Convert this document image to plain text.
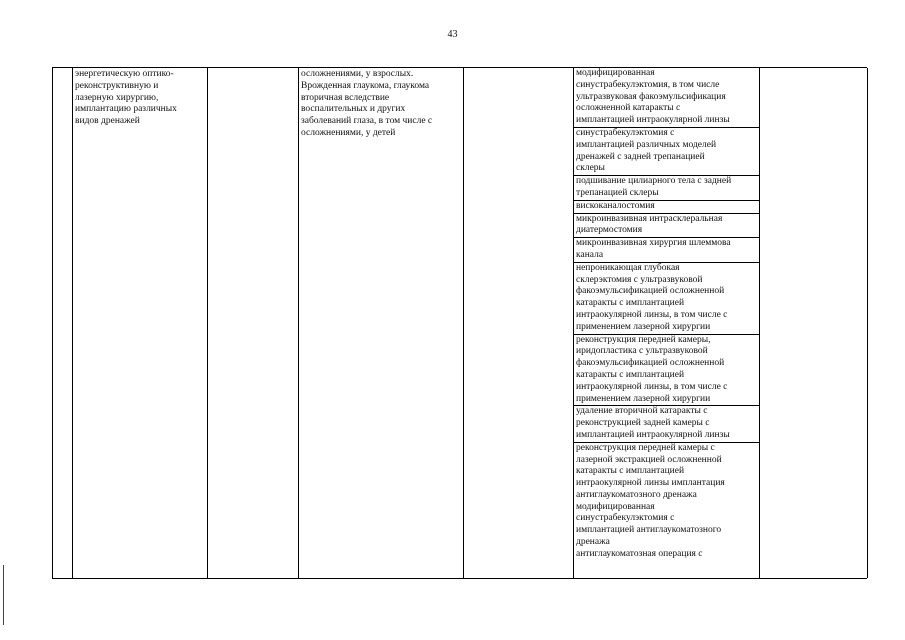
43
энергетическую оптико-
реконструктивную и
лазерную хирургию,
имплантацию различных
видов дренажей
осложнениями, у взрослых.
Врожденная глаукома, глаукома
вторичная вследствие
воспалительных и других
заболеваний глаза, в том числе с
осложнениями, у детей
модифицированная
синустрабекулэктомия, в том числе
ультразвуковая факоэмульсификация
осложненной катаракты с
имплантацией интраокулярной линзы
синустрабекулэктомия с
имплантацией различных моделей
дренажей с задней трепанацией
склеры
подшивание цилиарного тела с задней
трепанацией склеры
вискоканалостомия
микроинвазивная интрасклеральная
диатермостомия
микроинвазивная хирургия шлеммова
канала
непроникающая глубокая
склерэктомия с ультразвуковой
факоэмульсификацией осложненной
катаракты с имплантацией
интраокулярной линзы, в том числе с
применением лазерной хирургии
реконструкция передней камеры,
иридопластика с ультразвуковой
факоэмульсификацией осложненной
катаракты с имплантацией
интраокулярной линзы, в том числе с
применением лазерной хирургии
удаление вторичной катаракты с
реконструкцией задней камеры с
имплантацией интраокулярной линзы
реконструкция передней камеры с
лазерной экстракцией осложненной
катаракты с имплантацией
интраокулярной линзы имплантация
антиглаукоматозного дренажа
модифицированная
синустрабекулэктомия с
имплантацией антиглаукоматозного
дренажа
антиглаукоматозная операция с
